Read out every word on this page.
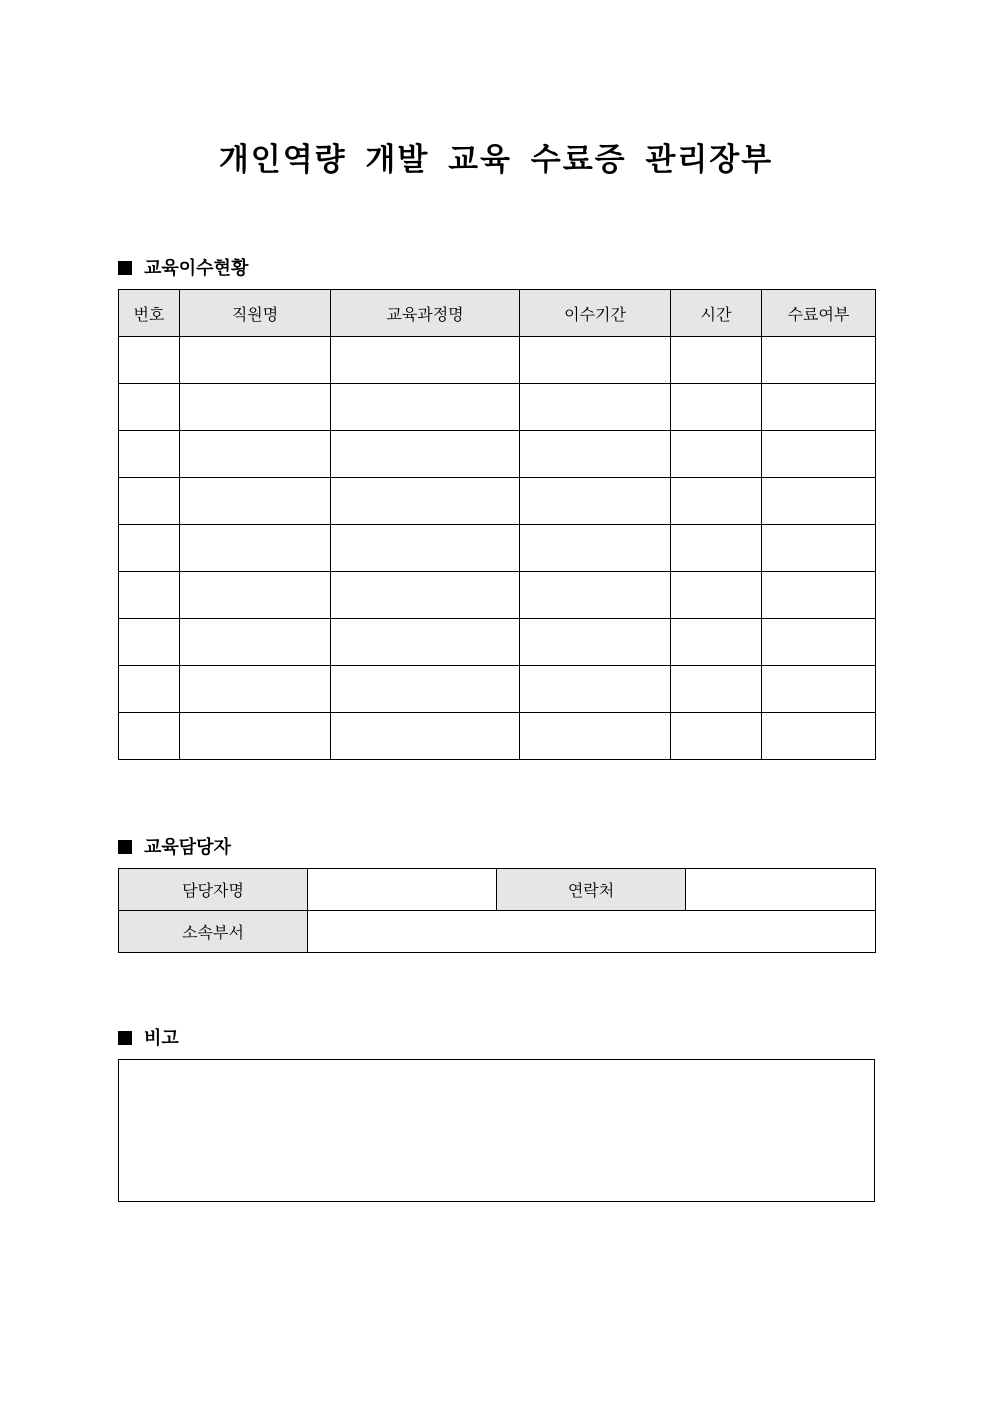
개인역량 개발 교육 수료증 관리장부
교육이수현황
번호	직원명	교육과정명	이수기간	시간	수료여부

교육담당자
담당자명		연락처	
소속부서			
비고
